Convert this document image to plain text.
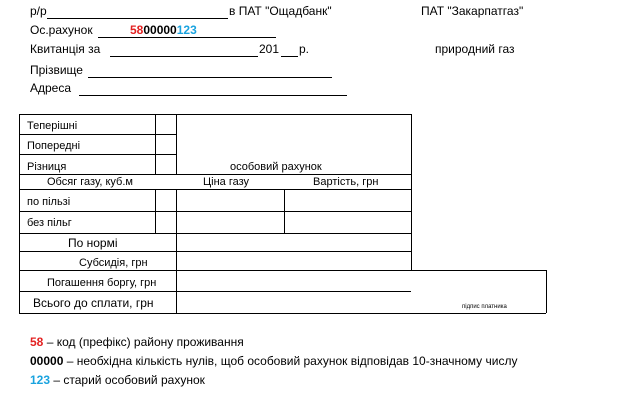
р/р	в ПАТ "Ощадбанк"	ПАТ "Закарпатгаз"
Ос.рахунок	5800000123
Квитанція за	201 р.	природний газ
Прізвище
Адреса
Теперішні
Попередні
Різниця	особовий рахунок
Обсяг газу, куб.м	Ціна газу	Вартість, грн
по пільзі
без пільг
По нормі
Субсидія, грн
Погашення боргу, грн
Всього до сплати, грн	підпис платника
58 – код (префікс) району проживання
00000 – необхідна кількість нулів, щоб особовий рахунок відповідав 10-значному числу
123 – старий особовий рахунок
